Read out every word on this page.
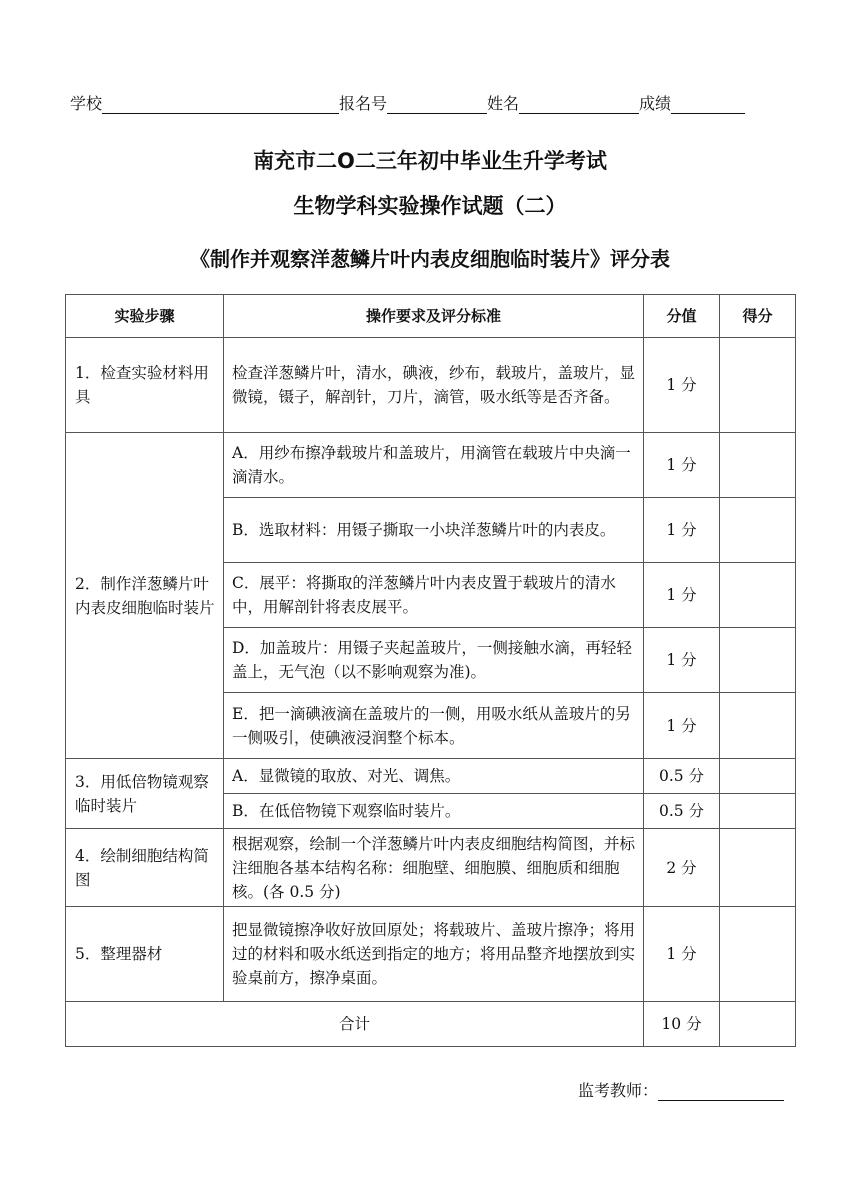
学校	报名号	姓名	成绩
南充市二O二三年初中毕业生升学考试
生物学科实验操作试题（二）
《制作并观察洋葱鳞片叶内表皮细胞临时装片》评分表
实验步骤	操作要求及评分标准	分值	得分
1．检查实验材料用具	检查洋葱鳞片叶，清水，碘液，纱布，载玻片，盖玻片，显微镜，镊子，解剖针，刀片，滴管，吸水纸等是否齐备。	1 分	
2．制作洋葱鳞片叶内表皮细胞临时装片	A．用纱布擦净载玻片和盖玻片，用滴管在载玻片中央滴一滴清水。	1 分	
	B．选取材料：用镊子撕取一小块洋葱鳞片叶的内表皮。	1 分	
	C．展平：将撕取的洋葱鳞片叶内表皮置于载玻片的清水中，用解剖针将表皮展平。	1 分	
	D．加盖玻片：用镊子夹起盖玻片，一侧接触水滴，再轻轻盖上，无气泡（以不影响观察为准)。	1 分	
	E．把一滴碘液滴在盖玻片的一侧，用吸水纸从盖玻片的另一侧吸引，使碘液浸润整个标本。	1 分	
3．用低倍物镜观察临时装片	A．显微镜的取放、对光、调焦。	0.5 分	
	B．在低倍物镜下观察临时装片。	0.5 分	
4．绘制细胞结构简图	根据观察，绘制一个洋葱鳞片叶内表皮细胞结构简图，并标注细胞各基本结构名称：细胞壁、细胞膜、细胞质和细胞核。(各 0.5 分)	2 分	
5．整理器材	把显微镜擦净收好放回原处；将载玻片、盖玻片擦净；将用过的材料和吸水纸送到指定的地方；将用品整齐地摆放到实验桌前方，擦净桌面。	1 分	
合计		10 分	
监考教师：
